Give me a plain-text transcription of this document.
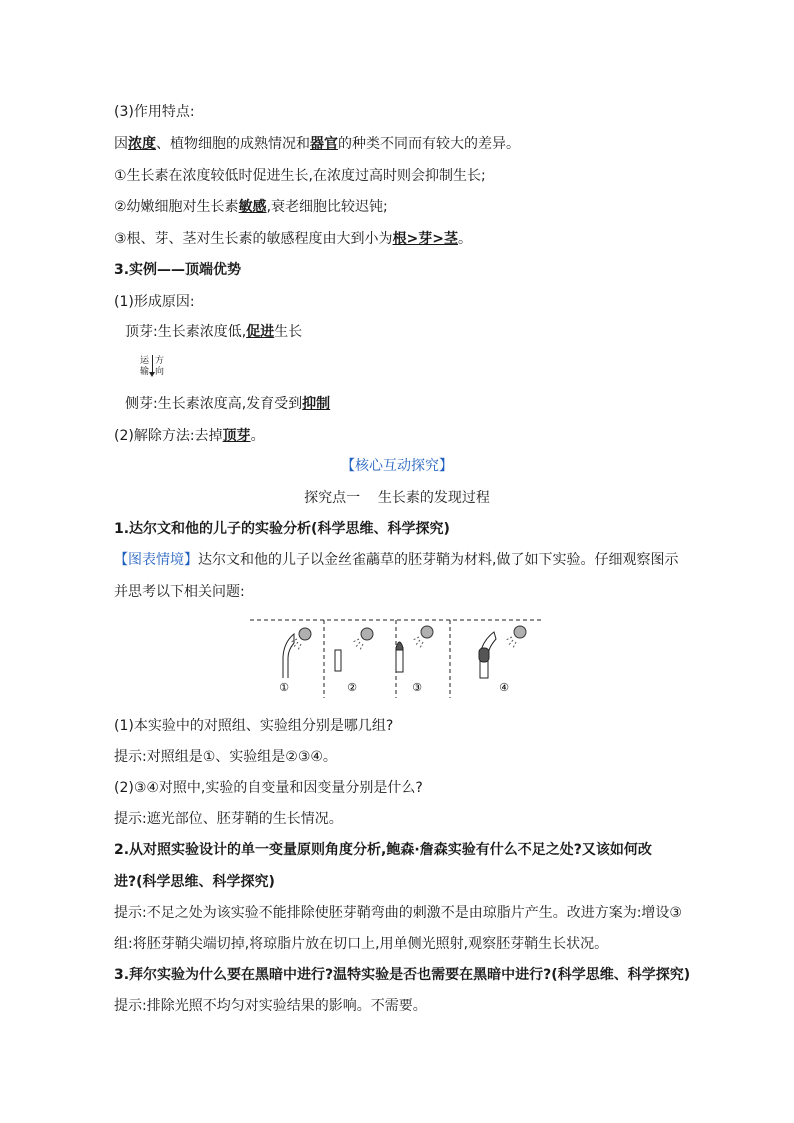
(3)作用特点:
因浓度、植物细胞的成熟情况和器官的种类不同而有较大的差异。
①生长素在浓度较低时促进生长,在浓度过高时则会抑制生长;
②幼嫩细胞对生长素敏感,衰老细胞比较迟钝;
③根、芽、茎对生长素的敏感程度由大到小为根>芽>茎。
3.实例——顶端优势
(1)形成原因:
顶芽:生长素浓度低,促进生长
运
输
方
向
侧芽:生长素浓度高,发育受到抑制
(2)解除方法:去掉顶芽。
【核心互动探究】
探究点一    生长素的发现过程
1.达尔文和他的儿子的实验分析(科学思维、科学探究)
【图表情境】达尔文和他的儿子以金丝雀虉草的胚芽鞘为材料,做了如下实验。仔细观察图示
并思考以下相关问题:
①	②	③	④
(1)本实验中的对照组、实验组分别是哪几组?
提示:对照组是①、实验组是②③④。
(2)③④对照中,实验的自变量和因变量分别是什么?
提示:遮光部位、胚芽鞘的生长情况。
2.从对照实验设计的单一变量原则角度分析,鲍森·詹森实验有什么不足之处?又该如何改
进?(科学思维、科学探究)
提示:不足之处为该实验不能排除使胚芽鞘弯曲的刺激不是由琼脂片产生。改进方案为:增设③
组:将胚芽鞘尖端切掉,将琼脂片放在切口上,用单侧光照射,观察胚芽鞘生长状况。
3.拜尔实验为什么要在黑暗中进行?温特实验是否也需要在黑暗中进行?(科学思维、科学探究)
提示:排除光照不均匀对实验结果的影响。不需要。
